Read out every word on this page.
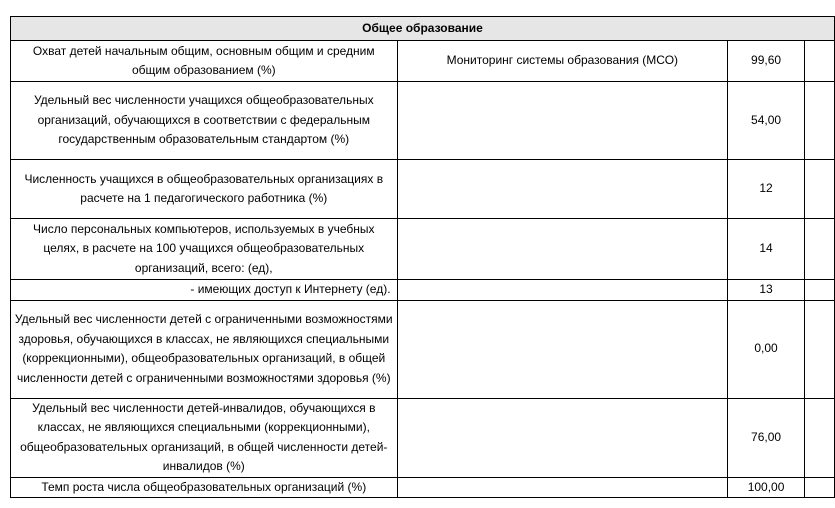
Общее образование			
Охват детей начальным общим, основным общим и средним общим образованием (%)	Мониторинг системы образования (МСО)	99,60	
Удельный вес численности учащихся общеобразовательных организаций, обучающихся в соответствии с федеральным государственным образовательным стандартом (%)		54,00	
Численность учащихся в общеобразовательных организациях в расчете на 1 педагогического работника (%)		12	
Число персональных компьютеров, используемых в учебных целях, в расчете на 100 учащихся общеобразовательных организаций, всего: (ед),		14	
- имеющих доступ к Интернету (ед).		13	
Удельный вес численности детей с ограниченными возможностями здоровья, обучающихся в классах, не являющихся специальными (коррекционными), общеобразовательных организаций, в общей численности детей с ограниченными возможностями здоровья (%)		0,00	
Удельный вес численности детей-инвалидов, обучающихся в классах, не являющихся специальными (коррекционными), общеобразовательных организаций, в общей численности детей-инвалидов (%)		76,00	
Темп роста числа общеобразовательных организаций (%)		100,00	
